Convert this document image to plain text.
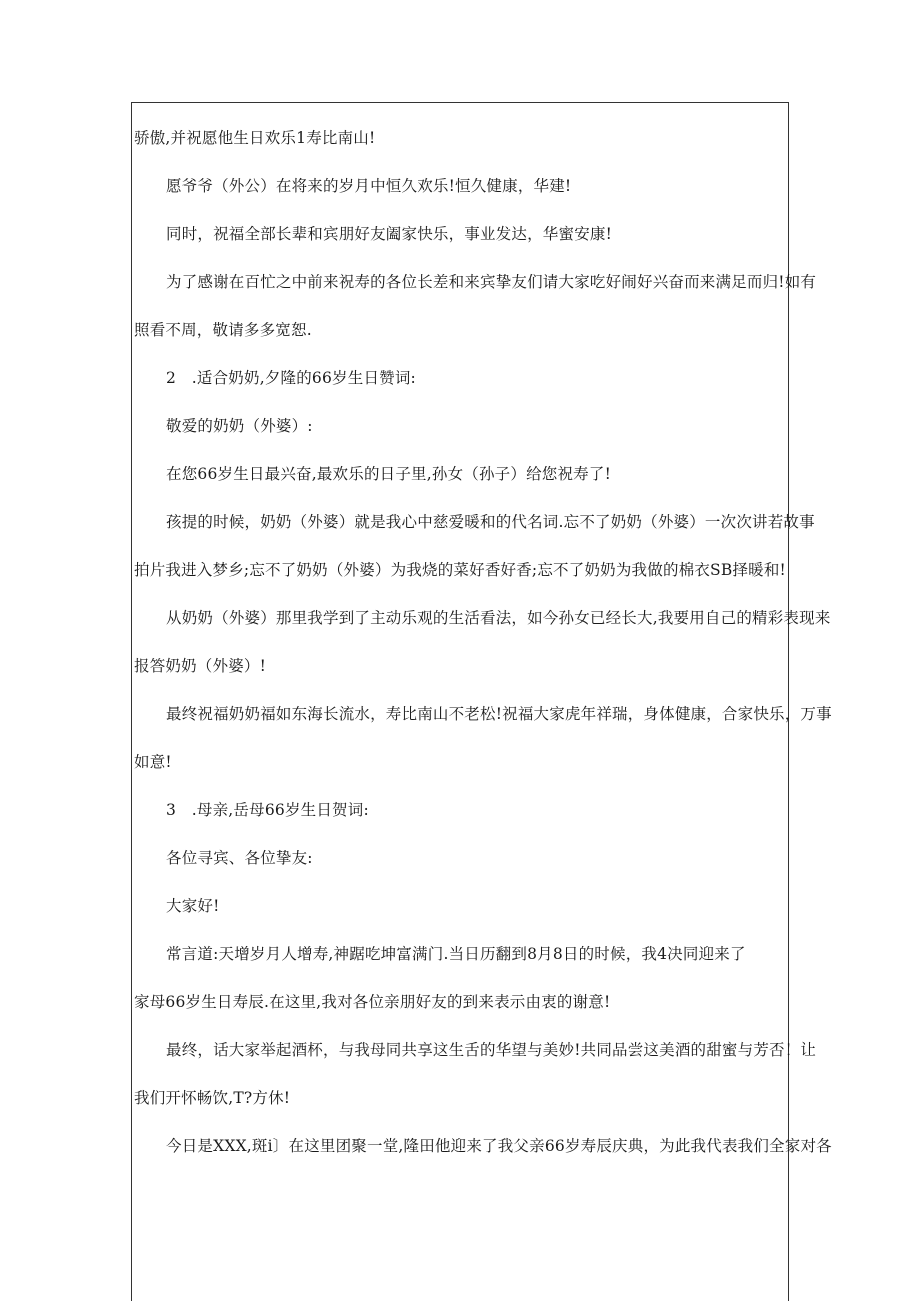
骄傲,并祝愿他生日欢乐1寿比南山!
愿爷爷（外公）在将来的岁月中恒久欢乐!恒久健康，华建!
同时，祝福全部长辈和宾朋好友阖家快乐，事业发达，华蜜安康!
为了感谢在百忙之中前来祝寿的各位长差和来宾挚友们请大家吃好闹好兴奋而来满足而归!如有
照看不周，敬请多多宽恕.
2　.适合奶奶,夕隆的66岁生日赞词:
敬爱的奶奶（外婆）:
在您66岁生日最兴奋,最欢乐的日子里,孙女（孙子）给您祝寿了!
孩提的时候，奶奶（外婆）就是我心中慈爱暖和的代名词.忘不了奶奶（外婆）一次次讲若故事
拍片我进入梦乡;忘不了奶奶（外婆）为我烧的菜好香好香;忘不了奶奶为我做的棉衣SB择暖和!
从奶奶（外婆）那里我学到了主动乐观的生活看法，如今孙女已经长大,我要用自己的精彩表现来
报答奶奶（外婆）!
最终祝福奶奶福如东海长流水，寿比南山不老松!祝福大家虎年祥瑞，身体健康，合家快乐，万事
如意!
3　.母亲,岳母66岁生日贺词:
各位寻宾、各位挚友:
大家好!
常言道:天增岁月人增寿,神踞吃坤富满门.当日历翻到8月8日的时候，我4决同迎来了
家母66岁生日寿辰.在这里,我对各位亲朋好友的到来表示由衷的谢意!
最终，话大家举起酒杯，与我母同共享这生舌的华望与美妙!共同品尝这美酒的甜蜜与芳否！让
我们开怀畅饮,T?方休!
今日是XXX,斑i〕在这里团聚一堂,隆田他迎来了我父亲66岁寿辰庆典，为此我代表我们全家对各
